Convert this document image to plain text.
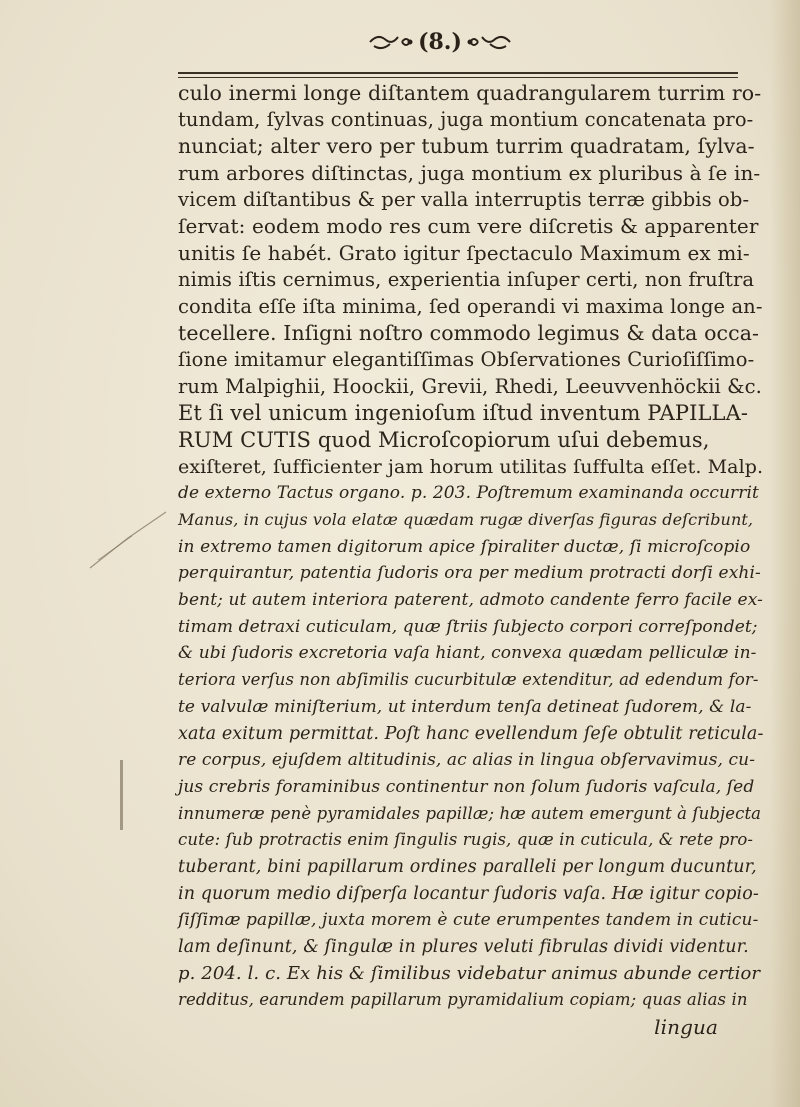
(8.)
culo inermi longe diſtantem quadrangularem turrim ro-
tundam, ſylvas continuas, juga montium concatenata pro-
nunciat; alter vero per tubum turrim quadratam, ſylva-
rum arbores diſtinctas, juga montium ex pluribus à ſe in-
vicem diſtantibus & per valla interruptis terræ gibbis ob-
ſervat: eodem modo res cum vere diſcretis & apparenter
unitis ſe habét. Grato igitur ſpectaculo Maximum ex mi-
nimis iſtis cernimus, experientia inſuper certi, non fruſtra
condita eſſe iſta minima, ſed operandi vi maxima longe an-
tecellere. Inſigni noſtro commodo legimus & data occa-
ſione imitamur elegantiſſimas Obſervationes Curioſiſſimo-
rum Malpighii, Hoockii, Grevii, Rhedi, Leeuvvenhöckii &c.
Et ſi vel unicum ingenioſum iſtud inventum PAPILLA-
RUM CUTIS quod Microſcopiorum uſui debemus,
exiſteret, ſufficienter jam horum utilitas ſuffulta eſſet. Malp.
de externo Tactus organo. p. 203. Poſtremum examinanda occurrit
Manus, in cujus vola elatæ quædam rugæ diverſas figuras deſcribunt,
in extremo tamen digitorum apice ſpiraliter ductæ, ſi microſcopio
perquirantur, patentia ſudoris ora per medium protracti dorſi exhi-
bent; ut autem interiora paterent, admoto candente ferro facile ex-
timam detraxi cuticulam, quæ ſtriis ſubjecto corpori correſpondet;
& ubi ſudoris excretoria vaſa hiant, convexa quædam pelliculæ in-
teriora verſus non abſimilis cucurbitulæ extenditur, ad edendum for-
te valvulæ miniſterium, ut interdum tenſa detineat ſudorem, & la-
xata exitum permittat. Poſt hanc evellendum ſeſe obtulit reticula-
re corpus, ejuſdem altitudinis, ac alias in lingua obſervavimus, cu-
jus crebris foraminibus continentur non ſolum ſudoris vaſcula, ſed
innumeræ penè pyramidales papillæ; hæ autem emergunt à ſubjecta
cute: ſub protractis enim ſingulis rugis, quæ in cuticula, & rete pro-
tuberant, bini papillarum ordines paralleli per longum ducuntur,
in quorum medio diſperſa locantur ſudoris vaſa. Hæ igitur copio-
ſiſſimæ papillæ, juxta morem è cute erumpentes tandem in cuticu-
lam deſinunt, & ſingulæ in plures veluti fibrulas dividi videntur.
p. 204. l. c. Ex his & ſimilibus videbatur animus abunde certior
redditus, earundem papillarum pyramidalium copiam; quas alias in
lingua
